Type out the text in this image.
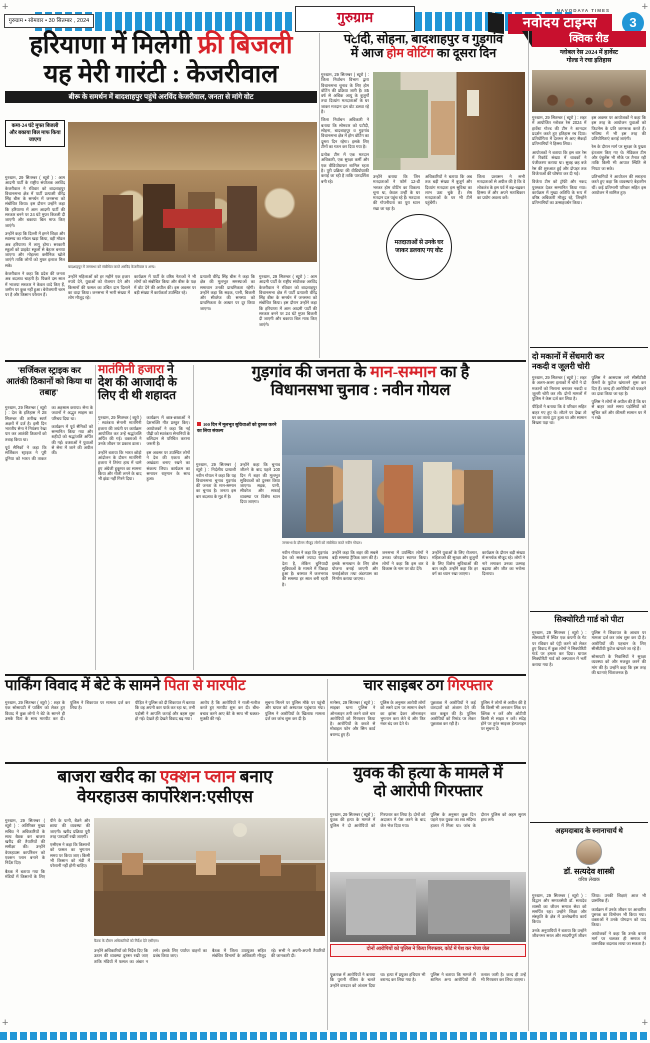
+	+
+	+
गुरुग्राम • सोमवार • 30 सितम्बर , 2024	गुरुग्राम
NAVODAYA TIMES
नवोदय टाइम्स	3
हरियाणा में मिलेगी फ्री बिजली
यह मेरी गारंटी : केजरीवाल
बीरू के समर्थन में बादशाहपुर पहुंचे अरविंद केजरीवाल, जनता से मांगे वोट
कमा-24 घंटे मुफ्त बिजली और बकाया बिल माफ किया जाएगा

गुरुग्राम, 29 सितम्बर ( ब्यूरो ) : आम आदमी पार्टी के राष्ट्रीय संयोजक अरविंद केजरीवाल ने रविवार को बादशाहपुर विधानसभा क्षेत्र में पार्टी प्रत्याशी वीरेंद्र सिंह बीरू के समर्थन में जनसभा को संबोधित किया। इस दौरान उन्होंने कहा कि हरियाणा में आम आदमी पार्टी की सरकार बनने पर 24 घंटे मुफ्त बिजली दी जाएगी और बकाया बिल माफ किए जाएंगे।

उन्होंने कहा कि दिल्ली में हमने शिक्षा और स्वास्थ्य का मॉडल खड़ा किया, वही मॉडल अब हरियाणा में लागू होगा। सरकारी स्कूलों को प्राइवेट स्कूलों से बेहतर बनाया जाएगा और मोहल्ला क्लीनिक खोले जाएंगे ताकि लोगों को मुफ्त इलाज मिल सके।

केजरीवाल ने कहा कि प्रदेश की जनता अब बदलाव चाहती है। पिछले दस साल में भाजपा सरकार ने केवल वादे किए हैं, जमीन पर कुछ नहीं हुआ। बेरोजगारी चरम पर है और किसान परेशान हैं।

बादशाहपुर में जनसभा को संबोधित करते अरविंद केजरीवाल व अन्य।

उन्होंने महिलाओं को हर महीने एक हजार रुपये देने, युवाओं को रोजगार देने और किसानों की फसल का उचित दाम दिलाने का वादा किया। जनसभा में भारी संख्या में लोग मौजूद रहे।

कार्यक्रम में पार्टी के वरिष्ठ नेताओं ने भी लोगों को संबोधित किया और बीरू के पक्ष में वोट देने की अपील की। इस अवसर पर बड़ी संख्या में कार्यकर्ता उपस्थित रहे।

प्रत्याशी वीरेंद्र सिंह बीरू ने कहा कि क्षेत्र की मूलभूत समस्याओं का समाधान उनकी प्राथमिकता रहेगी। उन्होंने कहा कि सड़क, पानी, बिजली और सीवरेज की समस्या को प्राथमिकता के आधार पर दूर किया जाएगा।

गुरुग्राम, 29 सितम्बर ( ब्यूरो ) : आम आदमी पार्टी के राष्ट्रीय संयोजक अरविंद केजरीवाल ने रविवार को बादशाहपुर विधानसभा क्षेत्र में पार्टी प्रत्याशी वीरेंद्र सिंह बीरू के समर्थन में जनसभा को संबोधित किया। इस दौरान उन्होंने कहा कि हरियाणा में आम आदमी पार्टी की सरकार बनने पर 24 घंटे मुफ्त बिजली दी जाएगी और बकाया बिल माफ किए जाएंगे।

पटौदी, सोहना, बादशाहपुर व गुड़गांव
में आज होम वोटिंग का दूसरा दिन

गुरुग्राम, 29 सितम्बर ( ब्यूरो ) : जिला निर्वाचन विभाग द्वारा विधानसभा चुनाव के लिए होम वोटिंग की प्रक्रिया जारी है। 85 वर्ष से अधिक आयु के बुजुर्गों तथा दिव्यांग मतदाताओं के घर जाकर मतदान दल वोट डलवा रहे हैं।

जिला निर्वाचन अधिकारी ने बताया कि सोमवार को पटौदी, सोहना, बादशाहपुर व गुड़गांव विधानसभा क्षेत्र में होम वोटिंग का दूसरा दिन रहेगा। इसके लिए टीमों का गठन कर दिया गया है।

प्रत्येक टीम में एक मतदान अधिकारी, एक सुरक्षा कर्मी और एक वीडियोग्राफर शामिल रहता है। पूरी प्रक्रिया की वीडियोग्राफी कराई जा रही है ताकि पारदर्शिता बनी रहे।

मतदाताओं से उनके घर जाकर डलवाए गए वोट

उन्होंने बताया कि जिन मतदाताओं ने फॉर्म 12-डी भरकर होम वोटिंग का विकल्प चुना था, केवल उन्हीं के घर मतदान दल पहुंच रहे हैं। मतदाता की गोपनीयता का पूरा ध्यान रखा जा रहा है।

अधिकारियों ने बताया कि अब तक बड़ी संख्या में बुजुर्ग और दिव्यांग मतदाता इस सुविधा का लाभ उठा चुके हैं। शेष मतदाताओं के घर भी टीमें पहुंचेंगी।

जिला प्रशासन ने सभी मतदाताओं से अपील की है कि वे लोकतंत्र के इस पर्व में बढ़-चढ़कर हिस्सा लें और अपने मताधिकार का प्रयोग अवश्य करें।

क्विक रीड
ग्लोबल रेस 2024 में हार्वेस्ट
गोल्ड ने रचा इतिहास

गुरुग्राम, 29 सितम्बर ( ब्यूरो ) : शहर में आयोजित ग्लोबल रेस 2024 में हार्वेस्ट गोल्ड की टीम ने शानदार प्रदर्शन करते हुए इतिहास रच दिया। प्रतियोगिता में देशभर से आए सैकड़ों प्रतिभागियों ने हिस्सा लिया।

आयोजकों ने बताया कि इस बार रेस में रिकॉर्ड संख्या में धावकों ने पंजीकरण कराया था। सुबह छह बजे रेस की शुरुआत हुई और दोपहर तक विजेताओं की घोषणा कर दी गई।

विजेता टीम को ट्रॉफी और नकद पुरस्कार देकर सम्मानित किया गया। कार्यक्रम में मुख्य अतिथि के रूप में वरिष्ठ अधिकारी मौजूद रहे, जिन्होंने प्रतिभागियों का उत्साहवर्धन किया।

इस अवसर पर आयोजकों ने कहा कि इस तरह के आयोजन युवाओं को फिटनेस के प्रति जागरूक करते हैं। भविष्य में भी इस तरह की प्रतियोगिताएं कराई जाएंगी।

रेस के दौरान मार्ग पर सुरक्षा के पुख्ता इंतजाम किए गए थे। मेडिकल टीम और एंबुलेंस भी मौके पर तैनात रही ताकि किसी भी आपात स्थिति से निपटा जा सके।

प्रतिभागियों ने आयोजन की सराहना करते हुए कहा कि व्यवस्थाएं बेहतरीन थीं। कई प्रतिभागी परिवार सहित इस आयोजन में शामिल हुए।

दो मकानों में सेंधमारी कर
नकदी व जूलरी चोरी

गुरुग्राम, 29 सितम्बर ( ब्यूरो ) : शहर के अलग-अलग इलाकों में चोरों ने दो मकानों को निशाना बनाकर नकदी व जूलरी चोरी कर ली। दोनों मामलों में पुलिस ने केस दर्ज कर लिया है।

पीड़ितों ने बताया कि वे परिवार सहित बाहर गए हुए थे। लौटने पर देखा तो घर का ताला टूटा हुआ था और सामान बिखरा पड़ा था।

पुलिस ने आसपास लगे सीसीटीवी कैमरों के फुटेज खंगालने शुरू कर दिए हैं। जल्द ही आरोपियों को पकड़ने का दावा किया जा रहा है।

पुलिस ने लोगों से अपील की है कि घर से बाहर जाते समय पड़ोसियों को सूचित करें और कीमती सामान घर में न रखें।

सिक्योरिटी गार्ड को पीटा

गुरुग्राम, 29 सितम्बर ( ब्यूरो ) : सोसायटी में स्थित एक कंपनी के गेट पर रविवार को एंट्री करने को लेकर हुए विवाद में कुछ लोगों ने सिक्योरिटी गार्ड पर हमला कर दिया। घायल सिक्योरिटी गार्ड को अस्पताल में भर्ती कराया गया है।

पुलिस ने शिकायत के आधार पर मामला दर्ज कर जांच शुरू कर दी है। आरोपियों की पहचान के लिए सीसीटीवी फुटेज खंगाले जा रहे हैं।

सोसायटी के निवासियों ने सुरक्षा व्यवस्था को और मजबूत करने की मांग की है। उन्होंने कहा कि इस तरह की घटनाएं चिंताजनक हैं।

अहमदाबाद के स्नानाचार्य थे
डॉ. सत्यदेव शास्त्री
वरिष्ठ लेखक

गुरुग्राम, 29 सितम्बर ( ब्यूरो ) : विद्वान और समाजसेवी डॉ. सत्यदेव शास्त्री का जीवन समाज सेवा को समर्पित रहा। उन्होंने शिक्षा और संस्कृति के क्षेत्र में उल्लेखनीय कार्य किया।

उनके अनुयायियों ने बताया कि उन्होंने जीवनभर सरल और सादगीपूर्ण जीवन जिया। उनकी शिक्षाएं आज भी प्रासंगिक हैं।

कार्यक्रम में उनके जीवन पर आधारित पुस्तक का विमोचन भी किया गया। वक्ताओं ने उनके योगदान को याद किया।

आयोजकों ने कहा कि उनके बताए मार्ग पर चलकर ही समाज में वास्तविक बदलाव लाया जा सकता है।

'सर्जिकल स्ट्राइक कर आतंकी ठिकानों को किया था तबाह'

गुरुग्राम, 29 सितम्बर ( ब्यूरो ) : देश के इतिहास में 28 सितम्बर की तारीख स्वर्ण अक्षरों में दर्ज है। इसी दिन भारतीय सेना ने नियंत्रण रेखा पार कर आतंकी ठिकानों को तबाह किया था।

पूर्व सैनिकों ने कहा कि सर्जिकल स्ट्राइक ने पूरी दुनिया को भारत की ताकत का अहसास कराया। सेना के जवानों ने अद्भुत साहस का परिचय दिया था।

कार्यक्रम में पूर्व सैनिकों को सम्मानित किया गया और शहीदों को श्रद्धांजलि अर्पित की गई। वक्ताओं ने युवाओं से सेना में जाने की अपील की।

मातंगिनी हजारा ने देश की आजादी के लिए दी थी शहादत

गुरुग्राम, 29 सितम्बर ( ब्यूरो ) : स्वतंत्रता सेनानी मातंगिनी हजारा की जयंती पर कार्यक्रम आयोजित कर उन्हें श्रद्धांजलि अर्पित की गई। वक्ताओं ने उनके जीवन पर प्रकाश डाला।

उन्होंने बताया कि भारत छोड़ो आंदोलन के दौरान मातंगिनी हजारा ने तिरंगा हाथ में थामे हुए अंग्रेजी हुकूमत का सामना किया और गोली लगने के बाद भी झंडा नहीं गिरने दिया।

कार्यक्रम में छात्र-छात्राओं ने देशभक्ति गीत प्रस्तुत किए। आयोजकों ने कहा कि नई पीढ़ी को स्वतंत्रता सेनानियों के बलिदान से परिचित कराना जरूरी है।

इस अवसर पर उपस्थित लोगों ने देश की एकता और अखंडता बनाए रखने का संकल्प लिया। कार्यक्रम का समापन राष्ट्रगान के साथ हुआ।

गुड़गांव की जनता के मान-सम्मान का है
विधानसभा चुनाव : नवीन गोयल
100 दिन में मूलभूत सुविधाओं को दुरुस्त करने का लिया संकल्प
जनसभा के दौरान मौजूद लोगों को संबोधित करते नवीन गोयल।

गुरुग्राम, 29 सितम्बर ( ब्यूरो ) : निर्दलीय प्रत्याशी नवीन गोयल ने कहा कि यह विधानसभा चुनाव गुड़गांव की जनता के मान-सम्मान का चुनाव है। जनता इस बार बदलाव के मूड में है।

उन्होंने कहा कि चुनाव जीतने के बाद पहले 100 दिन में शहर की मूलभूत सुविधाओं को दुरुस्त किया जाएगा। सड़क, पानी, सीवरेज और सफाई व्यवस्था पर विशेष ध्यान दिया जाएगा।

नवीन गोयल ने कहा कि गुड़गांव देश को सबसे ज्यादा राजस्व देता है, लेकिन बुनियादी सुविधाओं के मामले में पिछड़ा हुआ है। बरसात में जलभराव की समस्या हर साल बनी रहती है।

उन्होंने कहा कि शहर की सबसे बड़ी समस्या ट्रैफिक जाम की है। इसके समाधान के लिए ठोस योजना बनाई जाएगी और फ्लाईओवर तथा अंडरपास का निर्माण कराया जाएगा।

जनसभा में उपस्थित लोगों ने उनका जोरदार स्वागत किया। लोगों ने कहा कि इस बार वे विकास के नाम पर वोट देंगे।

उन्होंने युवाओं के लिए रोजगार, महिलाओं की सुरक्षा और बुजुर्गों के लिए विशेष सुविधाओं की बात कही। उन्होंने कहा कि हर वर्ग का ध्यान रखा जाएगा।

कार्यक्रम के दौरान बड़ी संख्या में समर्थक मौजूद रहे। लोगों ने नारे लगाकर उनका उत्साह बढ़ाया और जीत का भरोसा दिलाया।

पार्किंग विवाद में बेटे के सामने पिता से मारपीट

गुरुग्राम, 29 सितम्बर ( ब्यूरो ) : शहर के एक सोसायटी में पार्किंग को लेकर हुए विवाद में कुछ लोगों ने बेटे के सामने ही उसके पिता के साथ मारपीट कर दी। पुलिस ने शिकायत पर मामला दर्ज कर लिया है।

पीड़ित ने पुलिस को दी शिकायत में बताया कि वह अपनी कार पार्क कर रहा था, तभी पड़ोसी ने आपत्ति जताई और बहस शुरू हो गई। देखते ही देखते विवाद बढ़ गया।

आरोप है कि आरोपियों ने गाली-गलौज करते हुए मारपीट शुरू कर दी। बीच-बचाव करने आए बेटे के साथ भी धक्का-मुक्की की गई।

सूचना मिलने पर पुलिस मौके पर पहुंची और घायल को अस्पताल पहुंचाया गया। पुलिस ने आरोपियों के खिलाफ मामला दर्ज कर जांच शुरू कर दी है।

चार साइबर ठग गिरफ्तार

मानेसर, 29 सितम्बर ( ब्यूरो ) : साइबर थाना पुलिस ने ऑनलाइन ठगी करने वाले चार आरोपियों को गिरफ्तार किया है। आरोपियों के कब्जे से मोबाइल फोन और सिम कार्ड बरामद हुए हैं।

पुलिस के अनुसार आरोपी लोगों को सस्ते दाम पर सामान बेचने का झांसा देकर ऑनलाइन भुगतान करा लेते थे और फिर नंबर बंद कर देते थे।

पूछताछ में आरोपियों ने कई वारदातों को अंजाम देने की बात कबूल की है। पुलिस आरोपियों को रिमांड पर लेकर पूछताछ कर रही है।

पुलिस ने लोगों से अपील की है कि किसी भी अनजान लिंक पर क्लिक न करें और ओटीपी किसी से साझा न करें। संदेह होने पर तुरंत साइबर हेल्पलाइन पर सूचना दें।

बाजरा खरीद का एक्शन प्लान बनाए
वेयरहाउस कार्पोरेशन:एसीएस
बैठक के दौरान अधिकारियों को निर्देश देते एसीएस।

गुरुग्राम, 29 सितम्बर ( ब्यूरो ) : अतिरिक्त मुख्य सचिव ने अधिकारियों के साथ बैठक कर बाजरा खरीद की तैयारियों की समीक्षा की। उन्होंने वेयरहाउस कार्पोरेशन को एक्शन प्लान बनाने के निर्देश दिए।

बैठक में बताया गया कि मंडियों में किसानों के लिए पीने के पानी, बैठने और छाया की व्यवस्था की जाएगी। खरीद प्रक्रिया पूरी तरह पारदर्शी रखी जाएगी।

एसीएस ने कहा कि किसानों को फसल का भुगतान समय पर किया जाए। किसी भी किसान को मंडी में परेशानी नहीं होनी चाहिए।

उन्होंने अधिकारियों को निर्देश दिए कि उठान की व्यवस्था दुरुस्त रखी जाए ताकि मंडियों में फसल का अंबार न लगे। इसके लिए पर्याप्त वाहनों का प्रबंध किया जाए।

बैठक में जिला उपायुक्त सहित संबंधित विभागों के अधिकारी मौजूद रहे। सभी ने अपनी-अपनी तैयारियों की जानकारी दी।

युवक की हत्या के मामले में
दो आरोपी गिरफ्तार

गुरुग्राम, 29 सितम्बर ( ब्यूरो ) : युवक की हत्या के मामले में पुलिस ने दो आरोपियों को गिरफ्तार कर लिया है। दोनों को अदालत में पेश करने के बाद जेल भेज दिया गया।

पुलिस के अनुसार कुछ दिन पहले एक युवक का शव संदिग्ध हालत में मिला था। जांच के दौरान पुलिस को अहम सुराग हाथ लगे।

दोनों आरोपियों को पुलिस ने किया गिरफ्तार, कोर्ट में पेश कर भेजा जेल

पूछताछ में आरोपियों ने बताया कि पुरानी रंजिश के चलते उन्होंने वारदात को अंजाम दिया था। हत्या में प्रयुक्त हथियार भी बरामद कर लिया गया है।

पुलिस ने बताया कि मामले में शामिल अन्य आरोपियों की तलाश जारी है। जल्द ही उन्हें भी गिरफ्तार कर लिया जाएगा।
